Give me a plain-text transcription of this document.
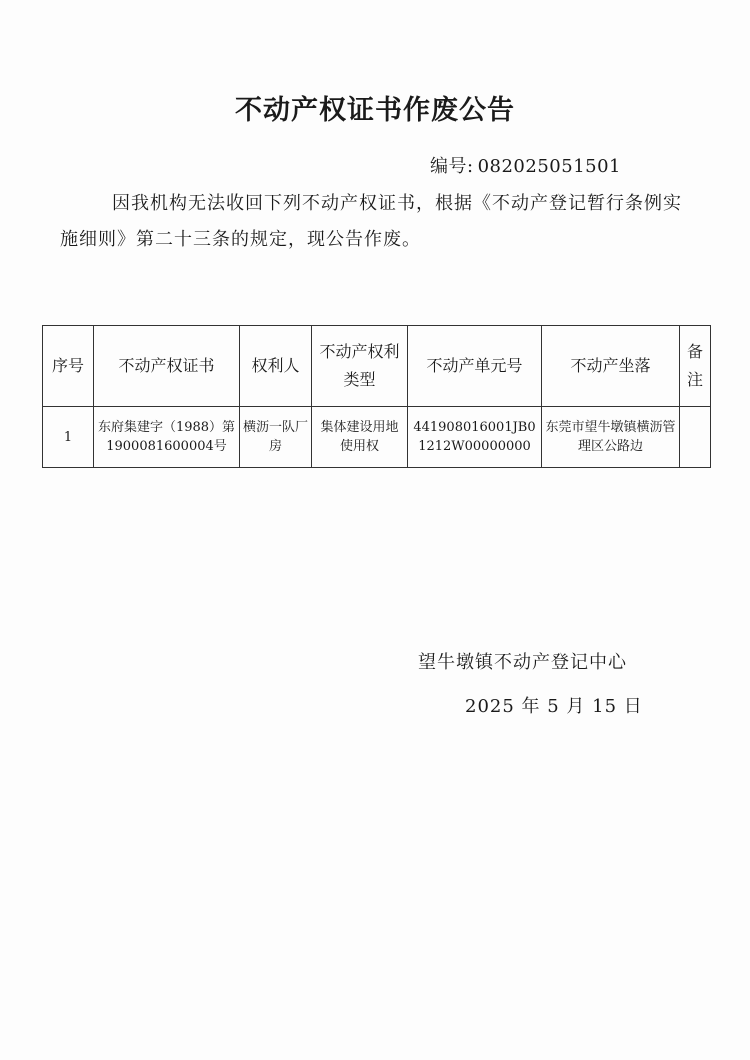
不动产权证书作废公告
编号: 082025051501
因我机构无法收回下列不动产权证书，根据《不动产登记暂行条例实施细则》第二十三条的规定，现公告作废。
序号	不动产权证书	权利人	不动产权利类型	不动产单元号	不动产坐落	备注
1	东府集建字（1988）第1900081600004号	横沥一队厂房	集体建设用地使用权	441908016001JB01212W00000000	东莞市望牛墩镇横沥管理区公路边	
望牛墩镇不动产登记中心
2025 年 5 月 15 日
